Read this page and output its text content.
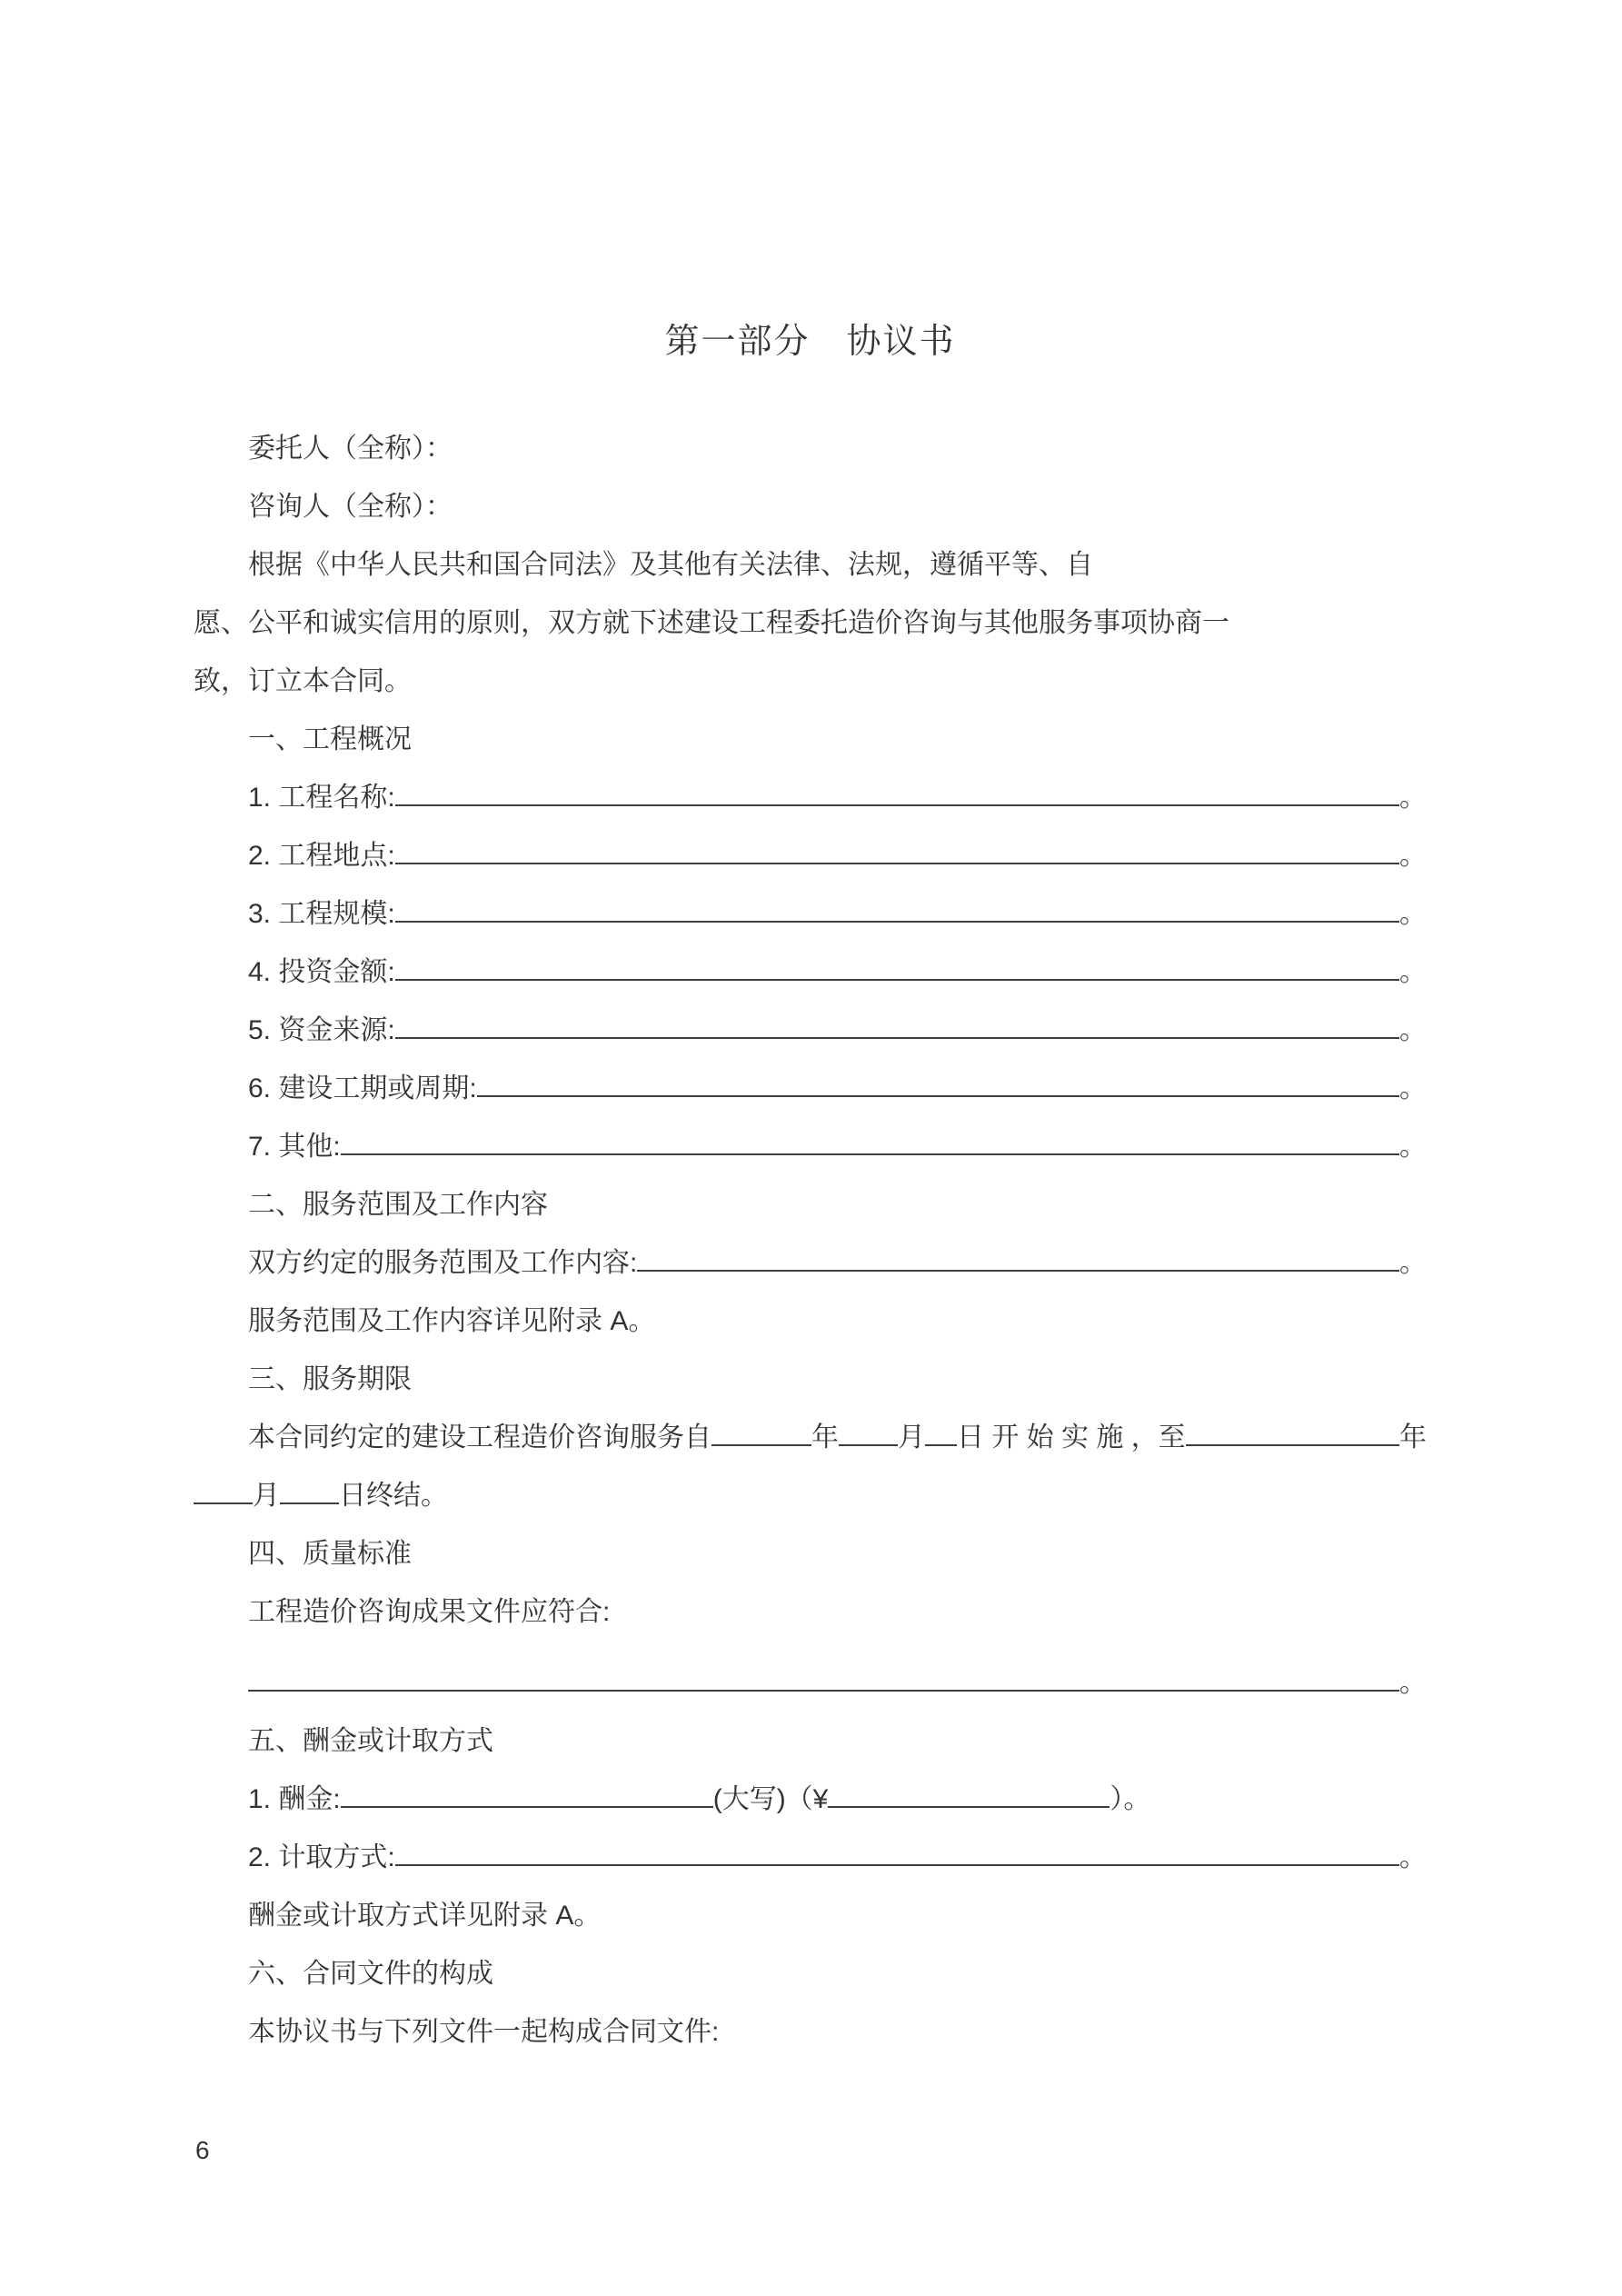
第一部分　协议书
委托人（全称）：
咨询人（全称）：
根据《中华人民共和国合同法》及其他有关法律、法规，遵循平等、自
愿、公平和诚实信用的原则，双方就下述建设工程委托造价咨询与其他服务事项协商一
致，订立本合同。
一、工程概况
1. 工程名称:	。
2. 工程地点:	。
3. 工程规模:	。
4. 投资金额:	。
5. 资金来源:	。
6. 建设工期或周期:	。
7. 其他:	。
二、服务范围及工作内容
双方约定的服务范围及工作内容:	。
服务范围及工作内容详见附录 A。
三、服务期限
本合同约定的建设工程造价咨询服务自	年 月 日 开 始 实 施 ，至	年
月 日终结。
四、质量标准
工程造价咨询成果文件应符合:
。
五、酬金或计取方式
1. 酬金:	(大写)（¥	）。
2. 计取方式:	。
酬金或计取方式详见附录 A。
六、合同文件的构成
本协议书与下列文件一起构成合同文件:
6
